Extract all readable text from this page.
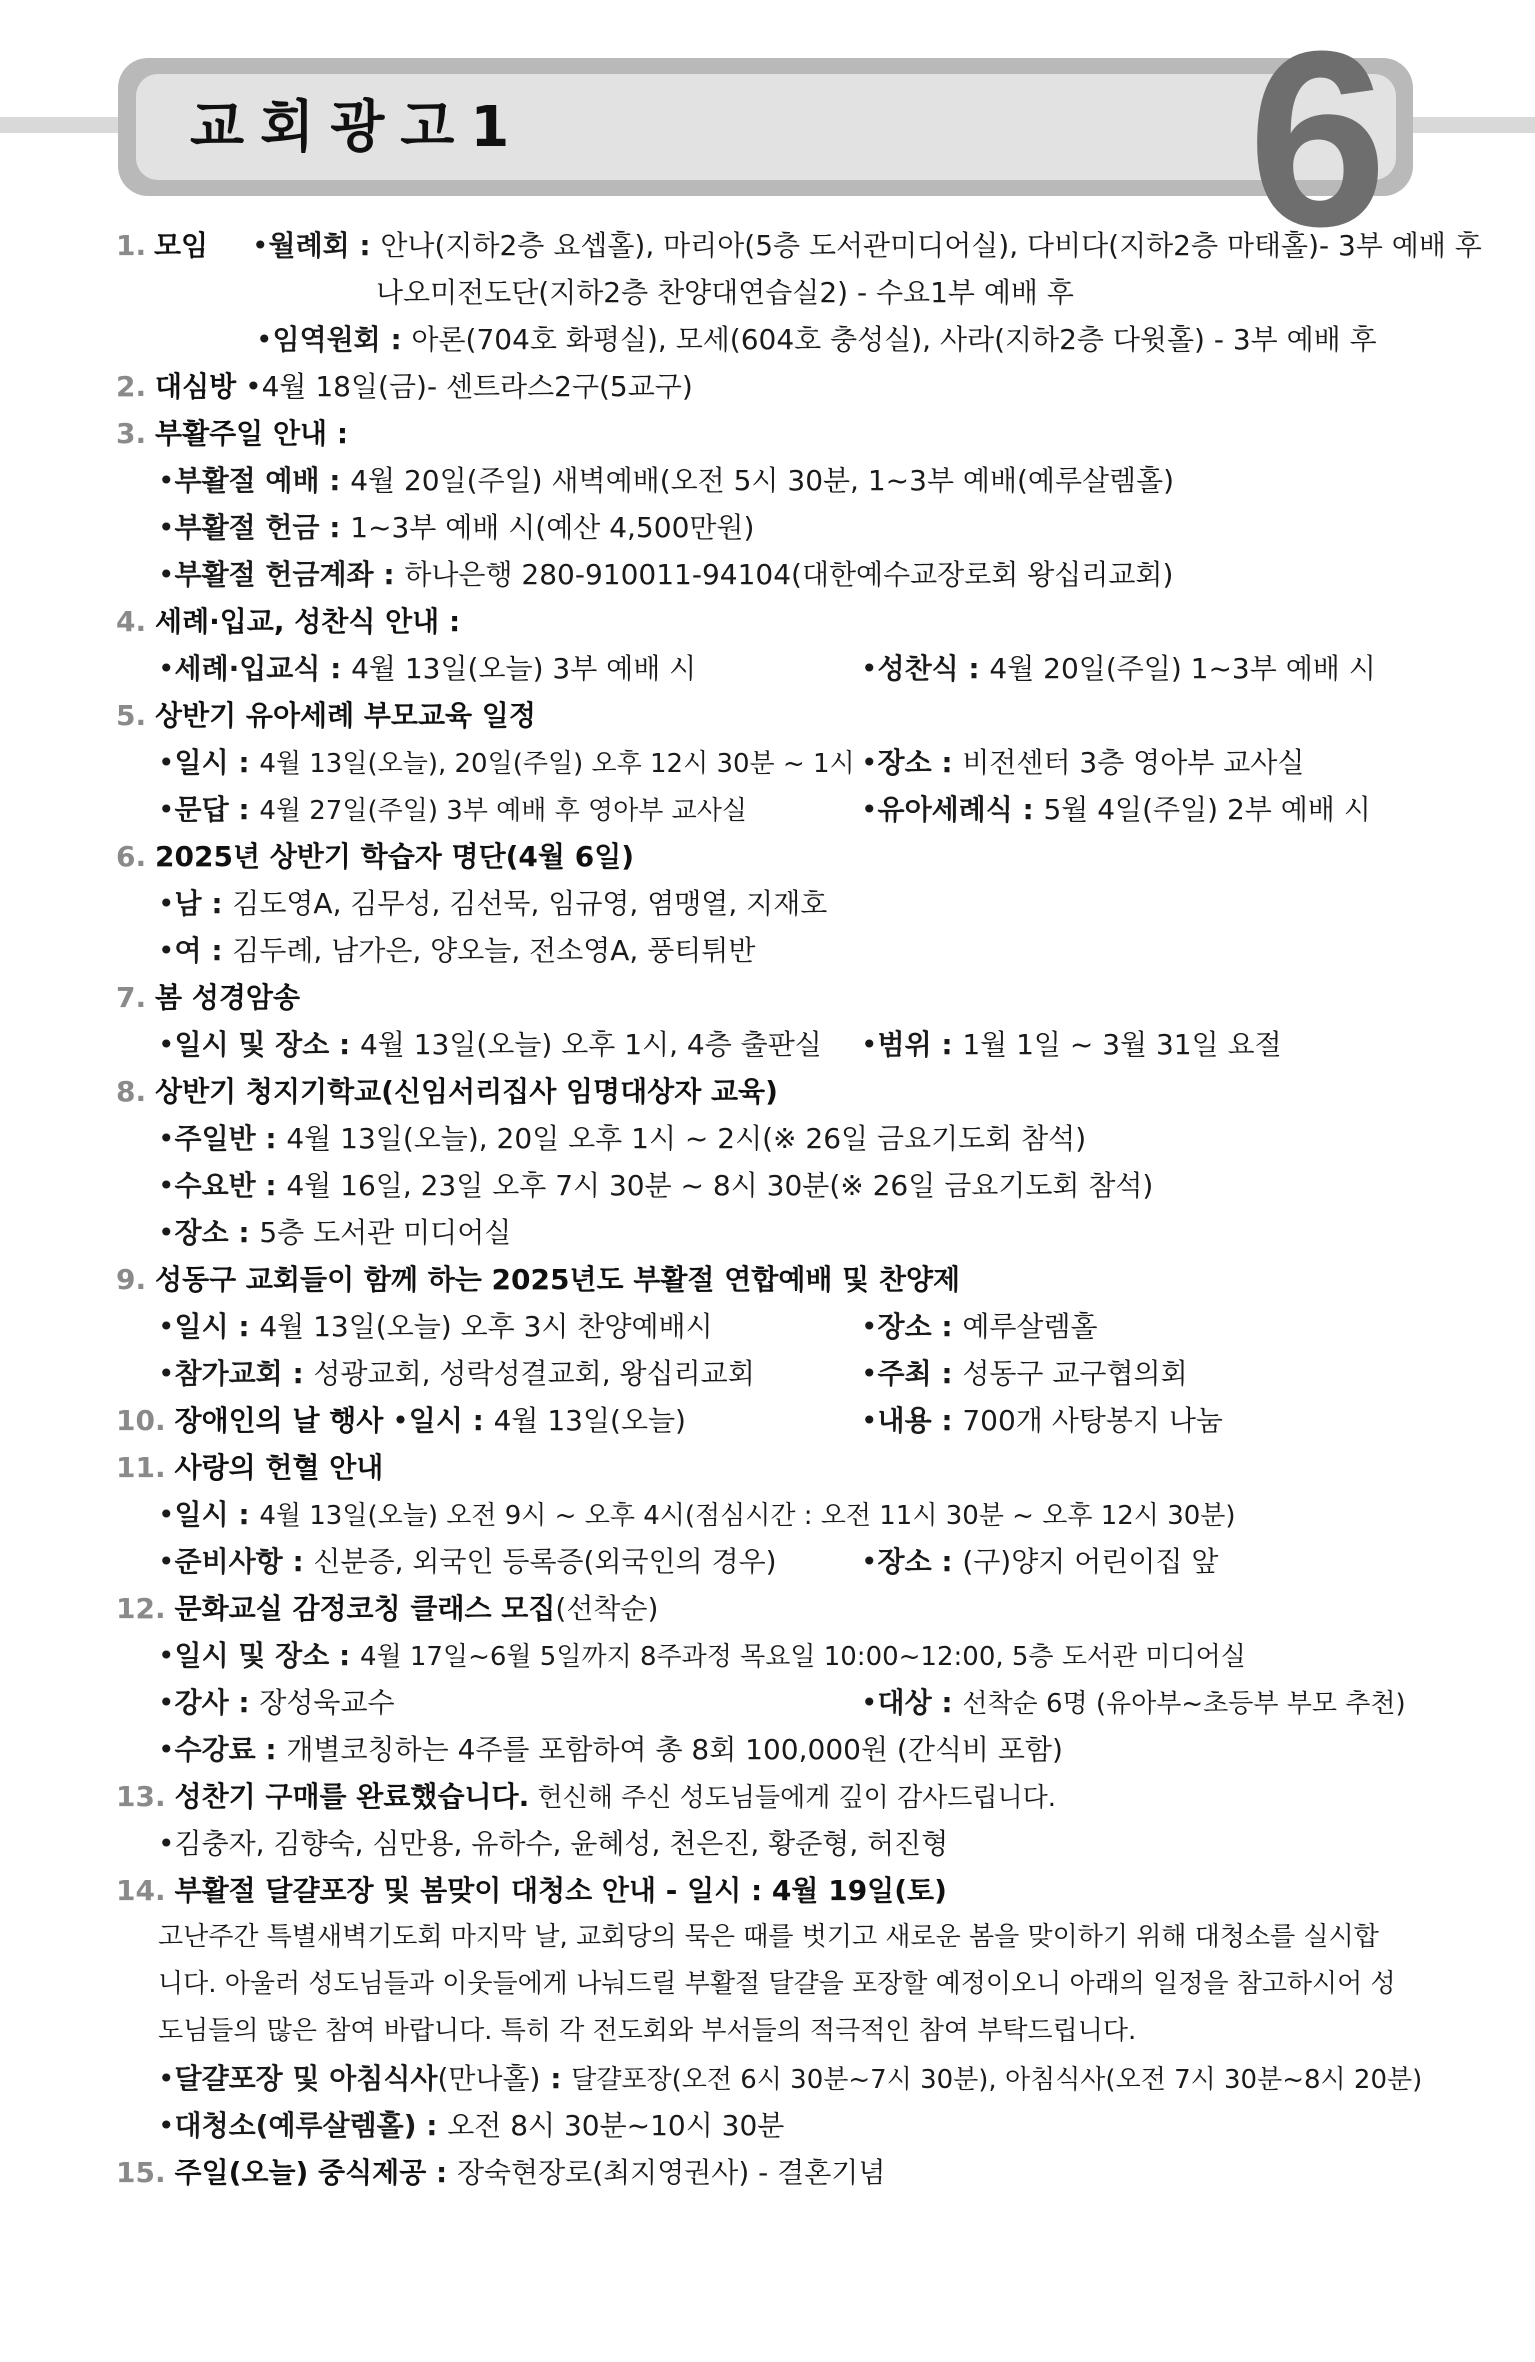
교회광고1	6
1. 모임 •월례회 : 안나(지하2층 요셉홀), 마리아(5층 도서관미디어실), 다비다(지하2층 마태홀)- 3부 예배 후
나오미전도단(지하2층 찬양대연습실2) - 수요1부 예배 후
•임역원회 : 아론(704호 화평실), 모세(604호 충성실), 사라(지하2층 다윗홀) - 3부 예배 후
2. 대심방 •4월 18일(금)- 센트라스2구(5교구)
3. 부활주일 안내 :
•부활절 예배 : 4월 20일(주일) 새벽예배(오전 5시 30분, 1~3부 예배(예루살렘홀)
•부활절 헌금 : 1~3부 예배 시(예산 4,500만원)
•부활절 헌금계좌 : 하나은행 280-910011-94104(대한예수교장로회 왕십리교회)
4. 세례·입교, 성찬식 안내 :
•세례·입교식 : 4월 13일(오늘) 3부 예배 시	•성찬식 : 4월 20일(주일) 1~3부 예배 시
5. 상반기 유아세례 부모교육 일정
•일시 : 4월 13일(오늘), 20일(주일) 오후 12시 30분 ~ 1시 •장소 : 비전센터 3층 영아부 교사실
•문답 : 4월 27일(주일) 3부 예배 후 영아부 교사실	•유아세례식 : 5월 4일(주일) 2부 예배 시
6. 2025년 상반기 학습자 명단(4월 6일)
•남 : 김도영A, 김무성, 김선묵, 임규영, 염맹열, 지재호
•여 : 김두례, 남가은, 양오늘, 전소영A, 풍티튀반
7. 봄 성경암송
•일시 및 장소 : 4월 13일(오늘) 오후 1시, 4층 출판실 •범위 : 1월 1일 ~ 3월 31일 요절
8. 상반기 청지기학교(신임서리집사 임명대상자 교육)
•주일반 : 4월 13일(오늘), 20일 오후 1시 ~ 2시(※ 26일 금요기도회 참석)
•수요반 : 4월 16일, 23일 오후 7시 30분 ~ 8시 30분(※ 26일 금요기도회 참석)
•장소 : 5층 도서관 미디어실
9. 성동구 교회들이 함께 하는 2025년도 부활절 연합예배 및 찬양제
•일시 : 4월 13일(오늘) 오후 3시 찬양예배시	•장소 : 예루살렘홀
•참가교회 : 성광교회, 성락성결교회, 왕십리교회	•주최 : 성동구 교구협의회
10. 장애인의 날 행사 •일시 : 4월 13일(오늘)	•내용 : 700개 사탕봉지 나눔
11. 사랑의 헌혈 안내
•일시 : 4월 13일(오늘) 오전 9시 ~ 오후 4시(점심시간 : 오전 11시 30분 ~ 오후 12시 30분)
•준비사항 : 신분증, 외국인 등록증(외국인의 경우)	•장소 : (구)양지 어린이집 앞
12. 문화교실 감정코칭 클래스 모집(선착순)
•일시 및 장소 : 4월 17일~6월 5일까지 8주과정 목요일 10:00~12:00, 5층 도서관 미디어실
•강사 : 장성욱교수	•대상 : 선착순 6명 (유아부~초등부 부모 추천)
•수강료 : 개별코칭하는 4주를 포함하여 총 8회 100,000원 (간식비 포함)
13. 성찬기 구매를 완료했습니다. 헌신해 주신 성도님들에게 깊이 감사드립니다.
•김충자, 김향숙, 심만용, 유하수, 윤혜성, 천은진, 황준형, 허진형
14. 부활절 달걀포장 및 봄맞이 대청소 안내 - 일시 : 4월 19일(토)
고난주간 특별새벽기도회 마지막 날, 교회당의 묵은 때를 벗기고 새로운 봄을 맞이하기 위해 대청소를 실시합
니다. 아울러 성도님들과 이웃들에게 나눠드릴 부활절 달걀을 포장할 예정이오니 아래의 일정을 참고하시어 성
도님들의 많은 참여 바랍니다. 특히 각 전도회와 부서들의 적극적인 참여 부탁드립니다.
•달걀포장 및 아침식사(만나홀) : 달걀포장(오전 6시 30분~7시 30분), 아침식사(오전 7시 30분~8시 20분)
•대청소(예루살렘홀) : 오전 8시 30분~10시 30분
15. 주일(오늘) 중식제공 : 장숙현장로(최지영권사) - 결혼기념
